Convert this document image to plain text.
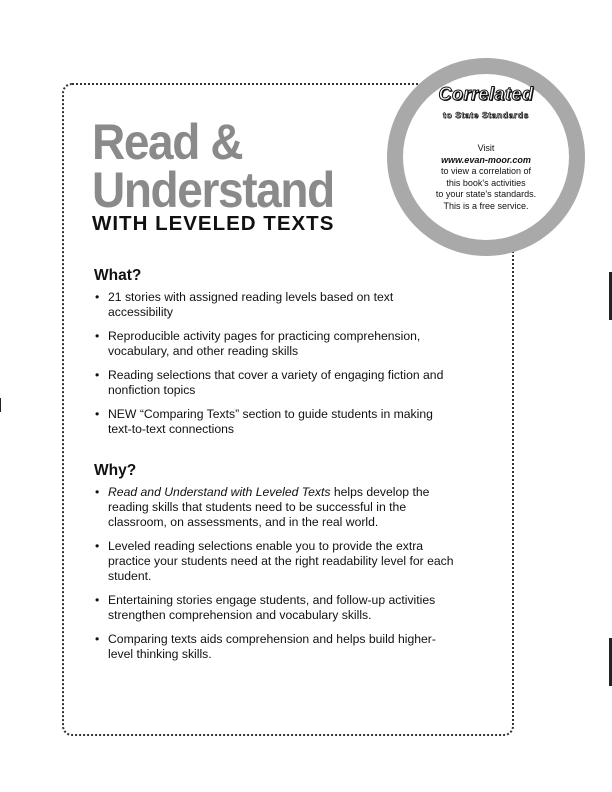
Read &
Understand
WITH LEVELED TEXTS
Correlated
to State Standards
Visit
www.evan-moor.com
to view a correlation of
this book's activities
to your state's standards.
This is a free service.
What?
• 21 stories with assigned reading levels based on text accessibility
• Reproducible activity pages for practicing comprehension, vocabulary, and other reading skills
• Reading selections that cover a variety of engaging fiction and nonfiction topics
• NEW “Comparing Texts” section to guide students in making text-to-text connections
Why?
• Read and Understand with Leveled Texts helps develop the reading skills that students need to be successful in the classroom, on assessments, and in the real world.
• Leveled reading selections enable you to provide the extra practice your students need at the right readability level for each student.
• Entertaining stories engage students, and follow-up activities strengthen comprehension and vocabulary skills.
• Comparing texts aids comprehension and helps build higher-level thinking skills.
